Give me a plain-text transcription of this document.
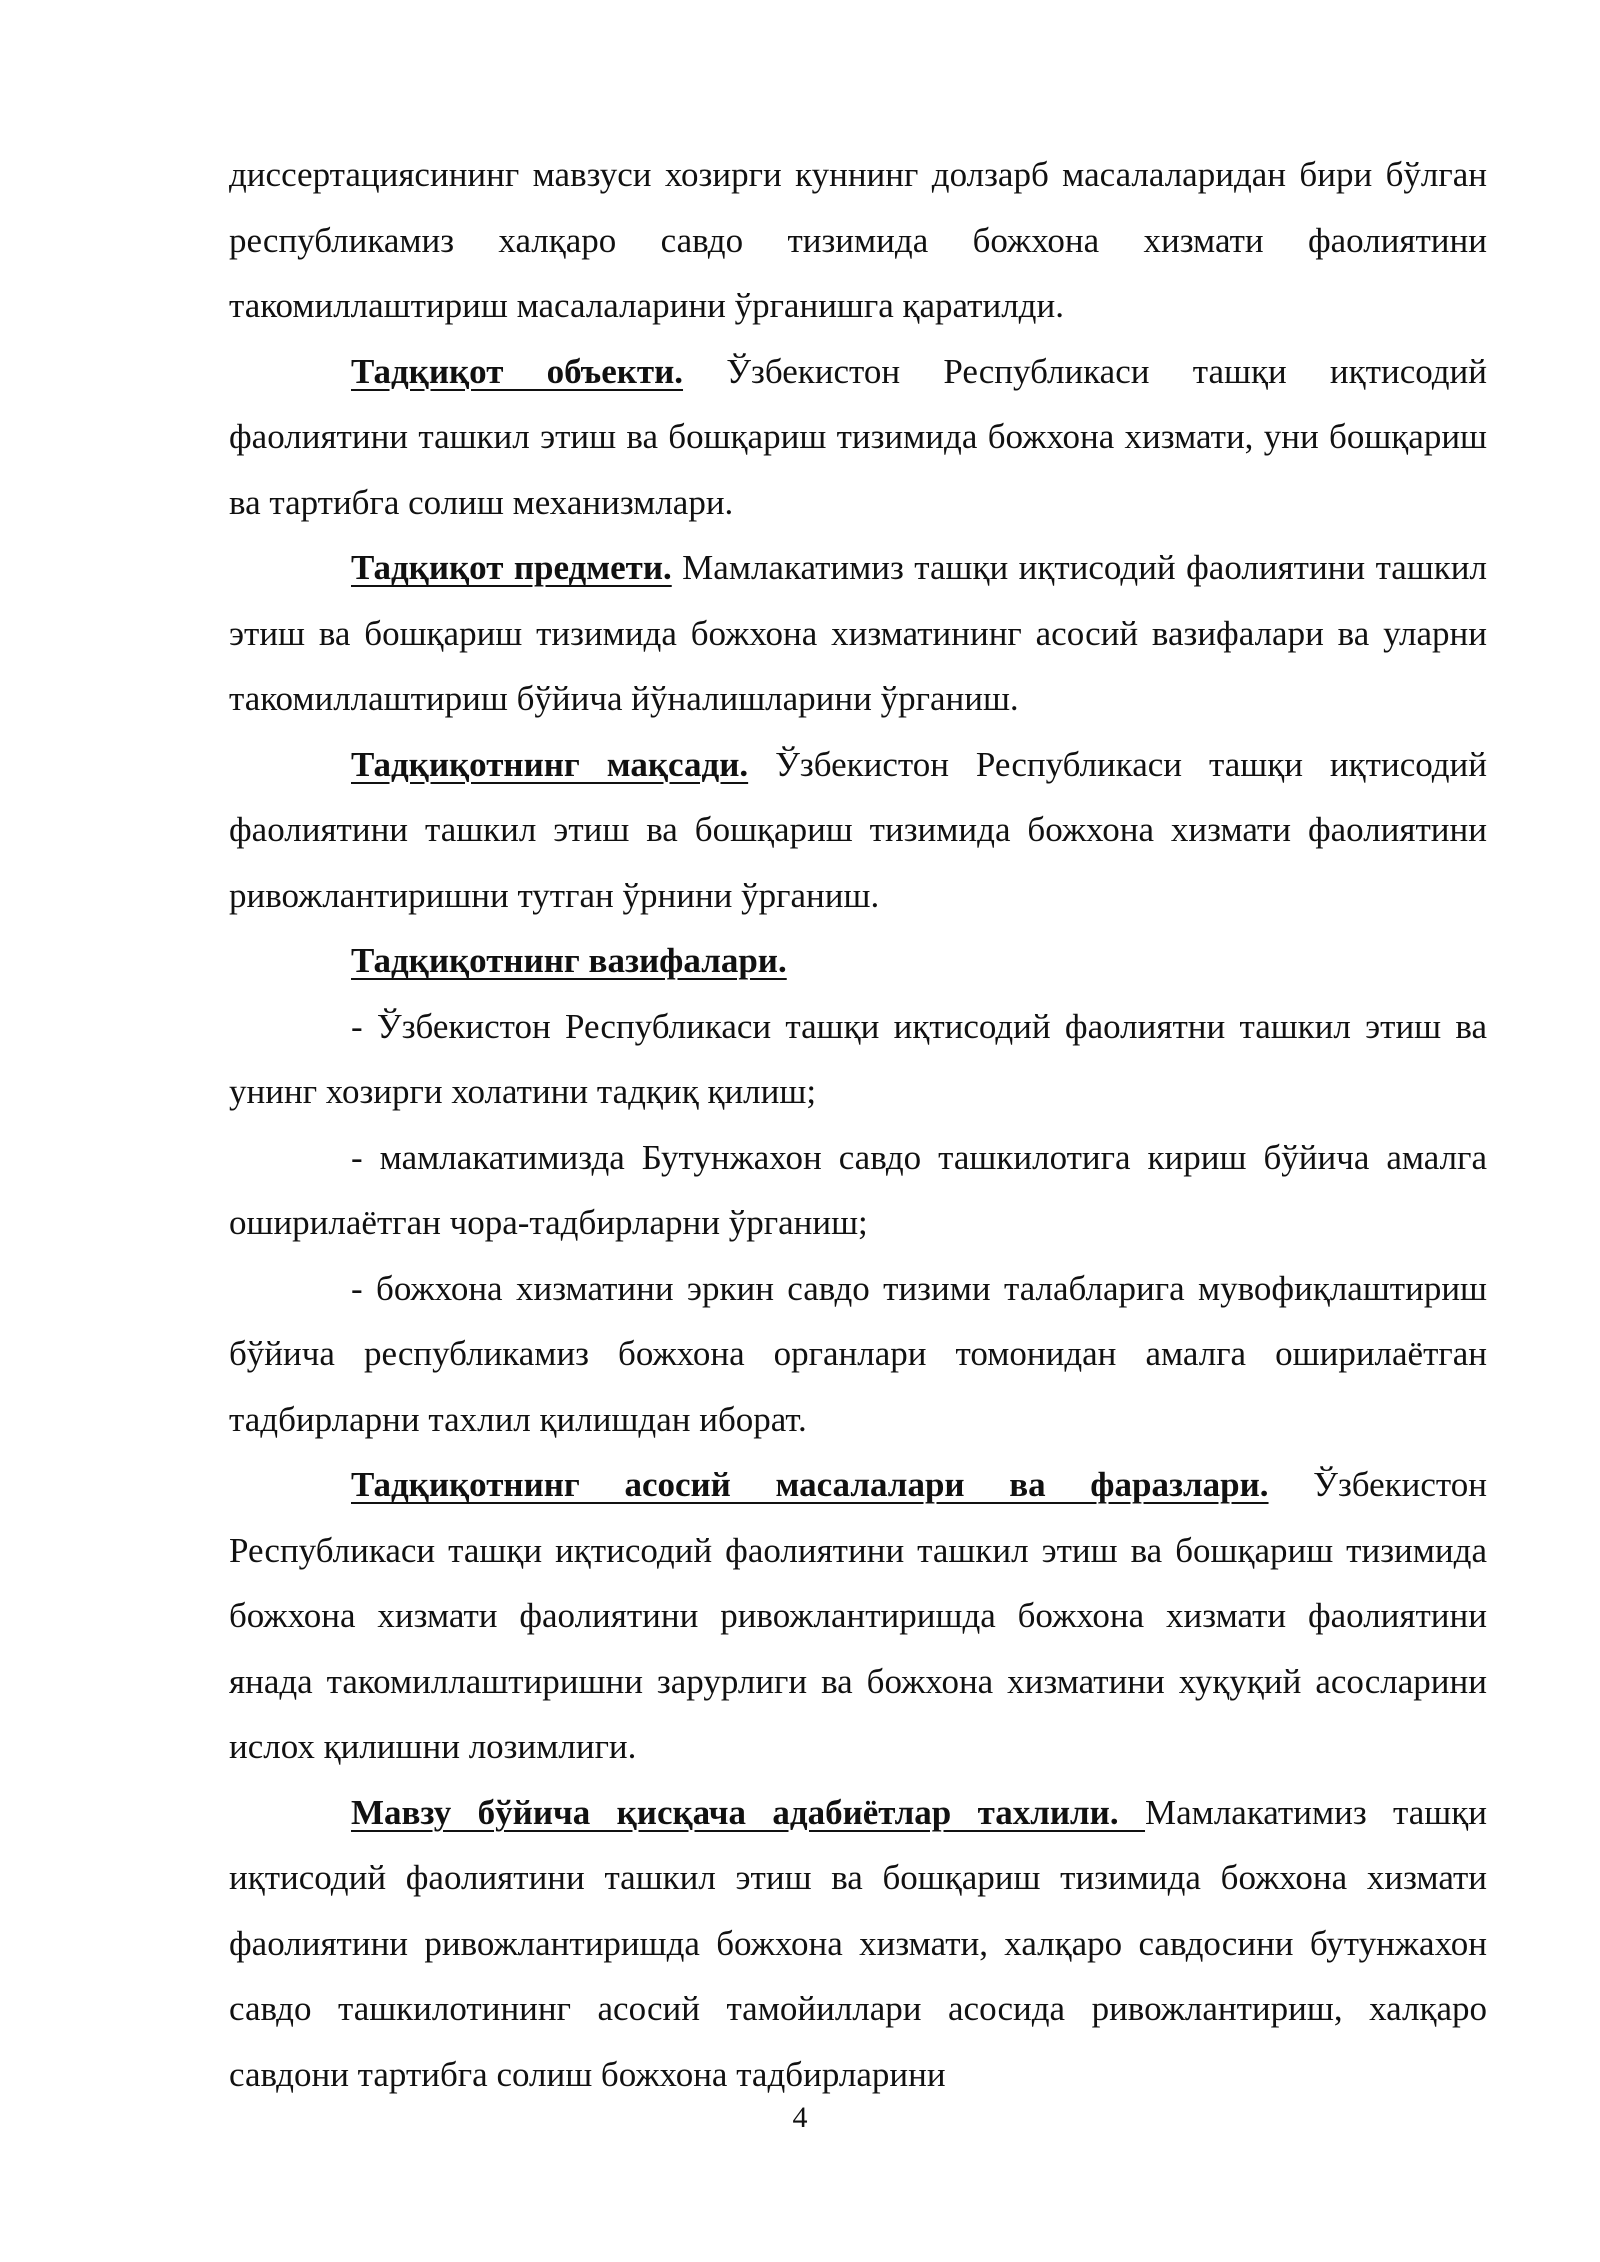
диссертациясининг мавзуси хозирги куннинг долзарб масалаларидан бири бўлган республикамиз халқаро савдо тизимида божхона хизмати фаолиятини такомиллаштириш масалаларини ўрганишга қаратилди.

Тадқиқот объекти. Ўзбекистон Республикаси ташқи иқтисодий фаолиятини ташкил этиш ва бошқариш тизимида божхона хизмати, уни бошқариш ва тартибга солиш механизмлари.

Тадқиқот предмети. Мамлакатимиз ташқи иқтисодий фаолиятини ташкил этиш ва бошқариш тизимида божхона хизматининг асосий вазифалари ва уларни такомиллаштириш бўйича йўналишларини ўрганиш.

Тадқиқотнинг мақсади. Ўзбекистон Республикаси ташқи иқтисодий фаолиятини ташкил этиш ва бошқариш тизимида божхона хизмати фаолиятини ривожлантиришни тутган ўрнини ўрганиш.

Тадқиқотнинг вазифалари.

- Ўзбекистон Республикаси ташқи иқтисодий фаолиятни ташкил этиш ва унинг хозирги холатини тадқиқ қилиш;

- мамлакатимизда Бутунжахон савдо ташкилотига кириш бўйича амалга оширилаётган чора-тадбирларни ўрганиш;

- божхона хизматини эркин савдо тизими талабларига мувофиқлаштириш бўйича республикамиз божхона органлари томонидан амалга оширилаётган тадбирларни тахлил қилишдан иборат.

Тадқиқотнинг асосий масалалари ва фаразлари. Ўзбекистон Республикаси ташқи иқтисодий фаолиятини ташкил этиш ва бошқариш тизимида божхона хизмати фаолиятини ривожлантиришда божхона хизмати фаолиятини янада такомиллаштиришни зарурлиги ва божхона хизматини хуқуқий асосларини ислох қилишни лозимлиги.

Мавзу бўйича қисқача адабиётлар тахлили. Мамлакатимиз ташқи иқтисодий фаолиятини ташкил этиш ва бошқариш тизимида божхона хизмати фаолиятини ривожлантиришда божхона хизмати, халқаро савдосини бутунжахон савдо ташкилотининг асосий тамойиллари асосида ривожлантириш, халқаро савдони тартибга солиш божхона тадбирларини

4
